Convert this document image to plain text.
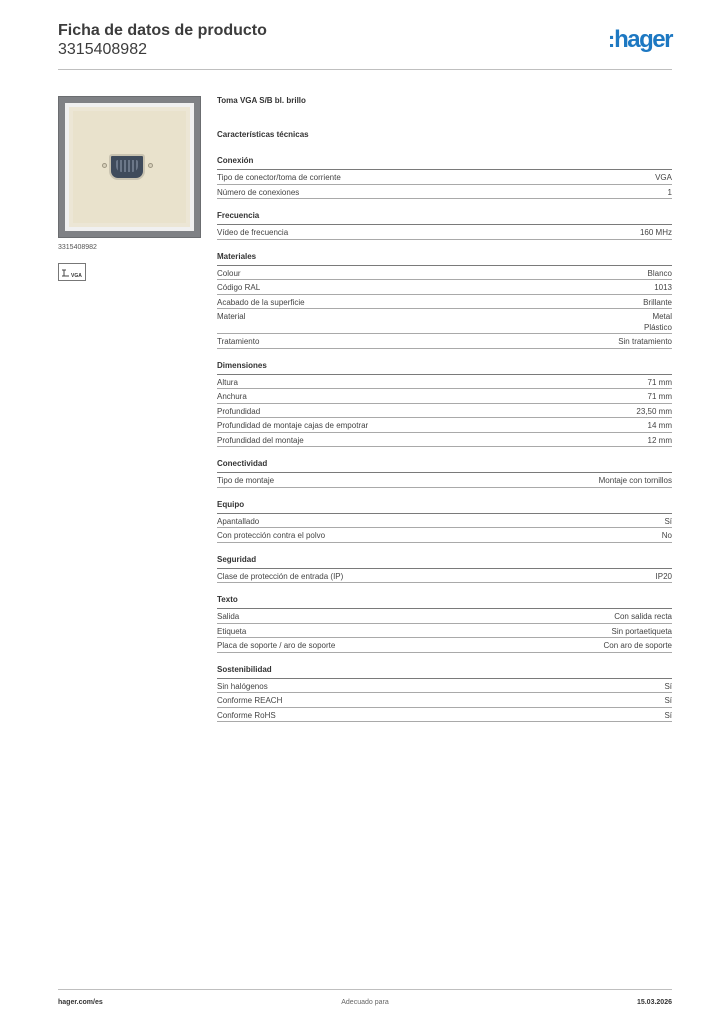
Ficha de datos de producto
3315408982	:hager
3315408982
VGA
Toma VGA S/B bl. brillo
Características técnicas
Conexión
Tipo de conector/toma de corriente	VGA
Número de conexiones	1
Frecuencia
Vídeo de frecuencia	160 MHz
Materiales
Colour	Blanco
Código RAL	1013
Acabado de la superficie	Brillante
Material	Metal
Plástico
Tratamiento	Sin tratamiento
Dimensiones
Altura	71 mm
Anchura	71 mm
Profundidad	23,50 mm
Profundidad de montaje cajas de empotrar	14 mm
Profundidad del montaje	12 mm
Conectividad
Tipo de montaje	Montaje con tornillos
Equipo
Apantallado	Sí
Con protección contra el polvo	No
Seguridad
Clase de protección de entrada (IP)	IP20
Texto
Salida	Con salida recta
Etiqueta	Sin portaetiqueta
Placa de soporte / aro de soporte	Con aro de soporte
Sostenibilidad
Sin halógenos	Sí
Conforme REACH	Sí
Conforme RoHS	Sí
hager.com/es	Adecuado para	15.03.2026
